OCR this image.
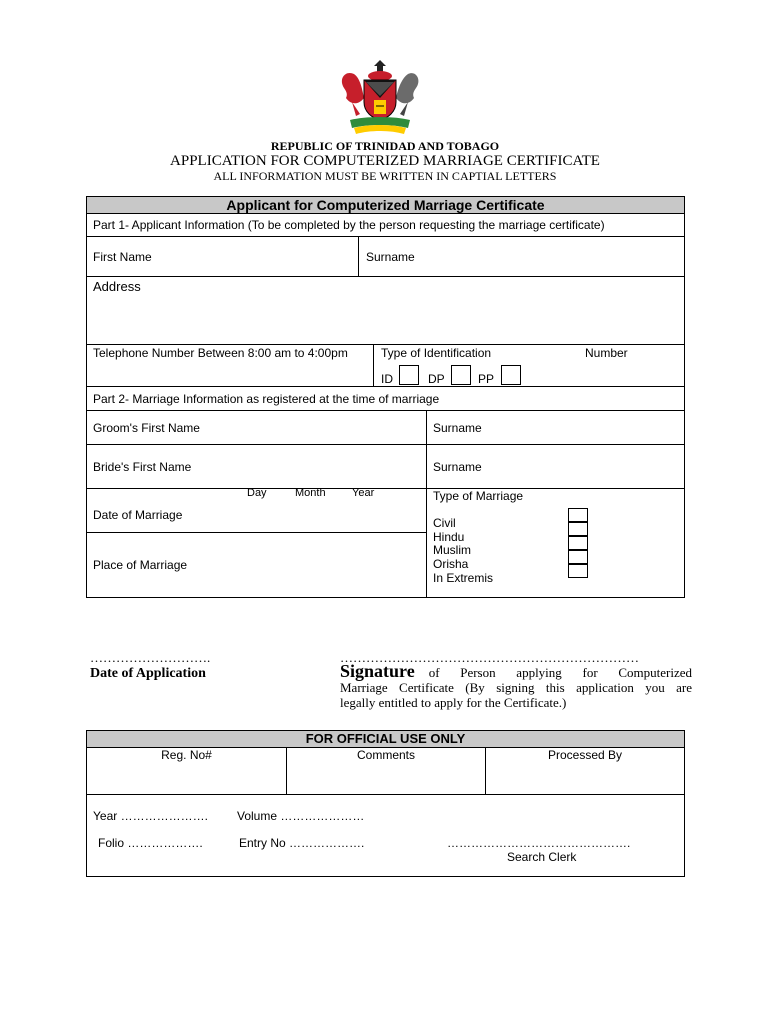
REPUBLIC OF TRINIDAD AND TOBAGO
APPLICATION FOR COMPUTERIZED MARRIAGE CERTIFICATE
ALL INFORMATION MUST BE WRITTEN IN CAPTIAL LETTERS
Applicant for Computerized Marriage Certificate
Part 1- Applicant Information (To be completed by the person requesting the marriage certificate)
First Name	Surname
Address
Telephone Number Between 8:00 am to 4:00pm	Type of Identification	Number
ID	DP	PP
Part 2- Marriage Information as registered at the time of marriage
Groom's First Name	Surname
Bride's First Name	Surname
Day	Month Year
Date of Marriage
Place of Marriage
Type of Marriage
Civil
Hindu
Muslim
Orisha
In Extremis
……………………….
Date of Application
……………………………………………………………
Signature of Person applying for Computerized
Marriage Certificate (By signing this application you are
legally entitled to apply for the Certificate.)
FOR OFFICIAL USE ONLY
Reg. No#	Comments	Processed By
Year …………………. Volume …………………
Folio ……………….	Entry No ……………….	……………………………………….
Search Clerk
